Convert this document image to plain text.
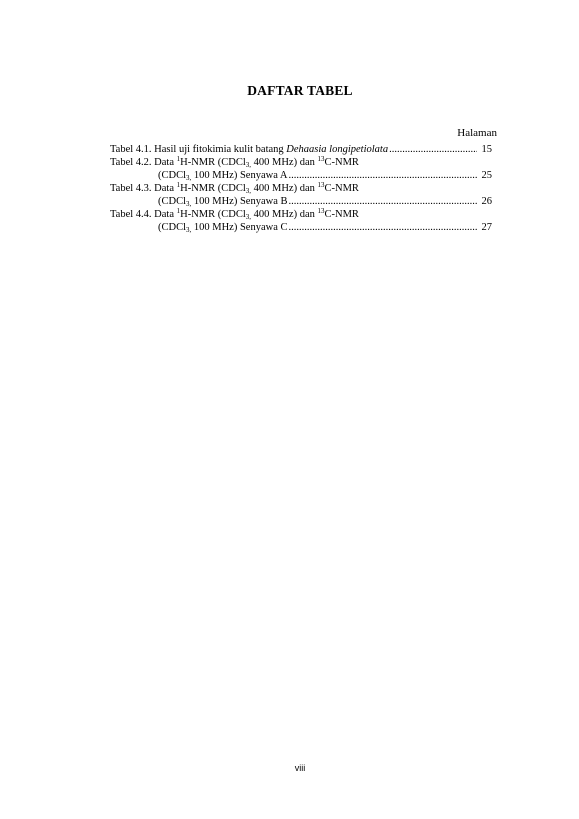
DAFTAR TABEL
Halaman
Tabel 4.1. Hasil uji fitokimia kulit batang Dehaasia longipetiolata .....	15
Tabel 4.2. Data $^1$H-NMR (CDCl$_{3,}$ 400 MHz) dan $^{13}$C-NMR
(CDCl$_{3,}$ 100 MHz) Senyawa A .....	25
Tabel 4.3. Data $^1$H-NMR (CDCl$_{3,}$ 400 MHz) dan $^{13}$C-NMR
(CDCl$_{3,}$ 100 MHz) Senyawa B .....	26
Tabel 4.4. Data $^1$H-NMR (CDCl$_{3,}$ 400 MHz) dan $^{13}$C-NMR
(CDCl$_{3,}$ 100 MHz) Senyawa C .....	27
viii
